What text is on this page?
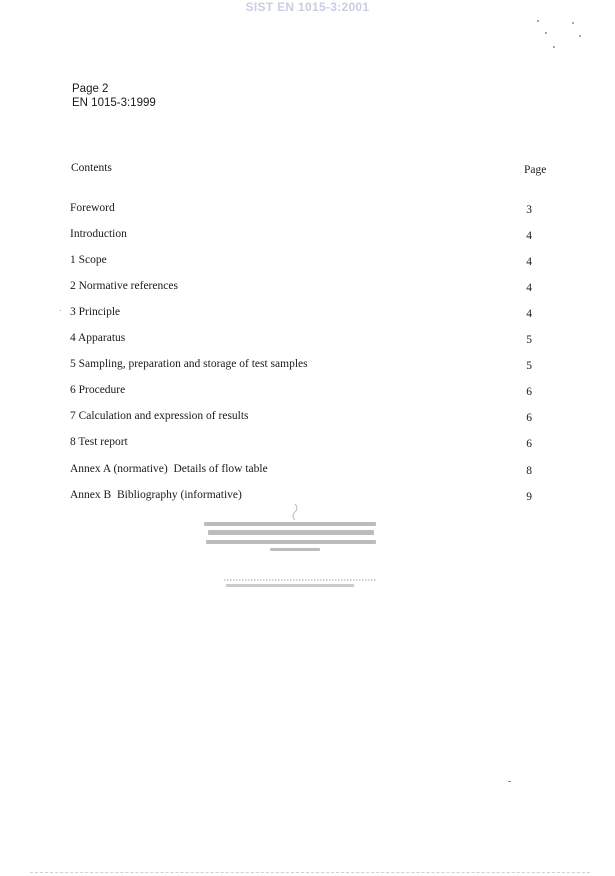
SIST EN 1015-3:2001
Page 2
EN 1015-3:1999
Contents	Page
Foreword	3
Introduction	4
1 Scope	4
2 Normative references	4
3 Principle	4
4 Apparatus	5
5 Sampling, preparation and storage of test samples	5
6 Procedure	6
7 Calculation and expression of results	6
8 Test report	6
Annex A (normative)  Details of flow table	8
Annex B  Bibliography (informative)	9
